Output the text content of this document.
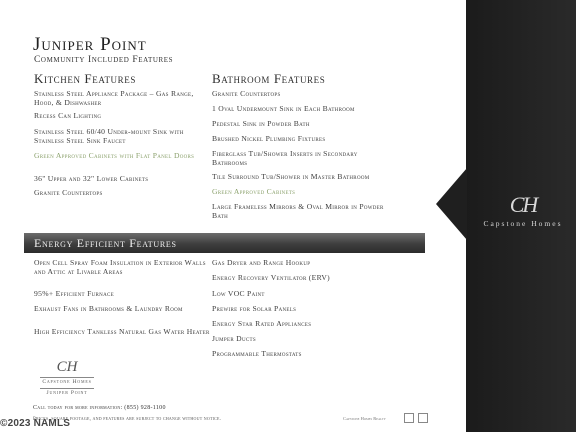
CH
Capstone Homes
Juniper Point
Community Included Features
Kitchen Features
Stainless Steel Appliance Package – Gas Range, Hood, & Dishwasher
Recess Can Lighting
Stainless Steel 60/40 Under-mount Sink with Stainless Steel Sink Faucet
Green Approved Cabinets with Flat Panel Doors
36" Upper and 32" Lower Cabinets
Granite Countertops
Bathroom Features
Granite Countertops
1 Oval Undermount Sink in Each Bathroom
Pedestal Sink in Powder Bath
Brushed Nickel Plumbing Fixtures
Fiberglass Tub/Shower Inserts in Secondary Bathrooms
Tile Surround Tub/Shower in Master Bathroom
Green Approved Cabinets
Large Frameless Mirrors & Oval Mirror in Powder Bath
Energy Efficient Features
Open Cell Spray Foam Insulation in Exterior Walls and Attic at Livable Areas
95%+ Efficient Furnace
Exhaust Fans in Bathrooms & Laundry Room
High Efficiency Tankless Natural Gas Water Heater
Gas Dryer and Range Hookup
Energy Recovery Ventilator (ERV)
Low VOC Paint
Prewire for Solar Panels
Energy Star Rated Appliances
Jumper Ducts
Programmable Thermostats
CH
Capstone Homes
Juniper Point
Call today for more information: (855) 928-1100
Prices, square footage, and features are subject to change without notice.	Capstone Homes Realty
©2023 NAMLS
